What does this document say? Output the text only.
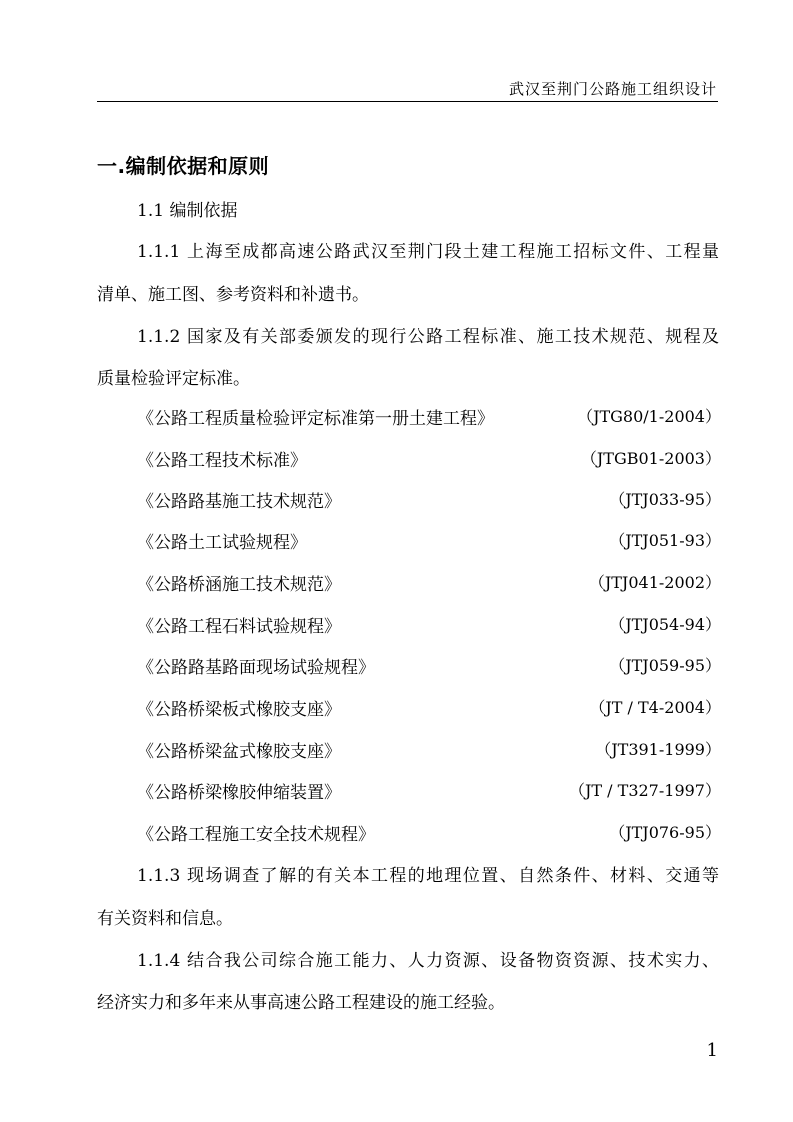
武汉至荆门公路施工组织设计
一.编制依据和原则
1.1 编制依据
1.1.1 上海至成都高速公路武汉至荆门段土建工程施工招标文件、工程量
清单、施工图、参考资料和补遗书。
1.1.2 国家及有关部委颁发的现行公路工程标准、施工技术规范、规程及
质量检验评定标准。
《公路工程质量检验评定标准第一册土建工程》	（JTG80/1-2004）
《公路工程技术标准》	（JTGB01-2003）
《公路路基施工技术规范》	（JTJ033-95）
《公路土工试验规程》	（JTJ051-93）
《公路桥涵施工技术规范》	（JTJ041-2002）
《公路工程石料试验规程》	（JTJ054-94）
《公路路基路面现场试验规程》	（JTJ059-95）
《公路桥梁板式橡胶支座》	（JT / T4-2004）
《公路桥梁盆式橡胶支座》	（JT391-1999）
《公路桥梁橡胶伸缩装置》	（JT / T327-1997）
《公路工程施工安全技术规程》	（JTJ076-95）
1.1.3 现场调查了解的有关本工程的地理位置、自然条件、材料、交通等
有关资料和信息。
1.1.4 结合我公司综合施工能力、人力资源、设备物资资源、技术实力、
经济实力和多年来从事高速公路工程建设的施工经验。
1
